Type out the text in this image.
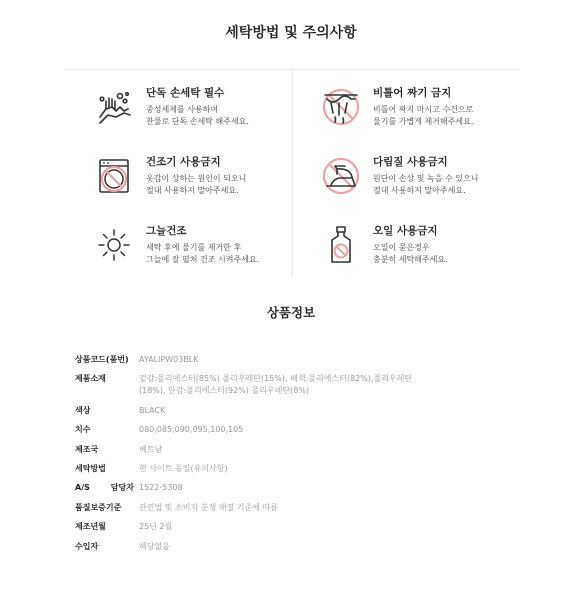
세탁방법 및 주의사항
단독 손세탁 필수
중성세제를 사용하여
찬물로 단독 손세탁 해주세요.
비틀어 짜기 금지
비틀어 짜지 마시고 수건으로
물기를 가볍게 제거해주세요.
건조기 사용금지
옷감이 상하는 원인이 되오니
절대 사용하지 말아주세요.
다림질 사용금지
원단이 손상 및 녹을 수 있으니
절대 사용하지 말아주세요.
그늘건조
세탁 후에 물기를 제거한 후
그늘에 잘 펼쳐 건조 시켜주세요.
오일 사용금지
오일이 묻은경우
충분히 세탁해주세요.
상품정보
상품코드(품번)	AYALIPW03BLK
제품소재	겉감:폴리에스터(85%) 폴리우레탄(15%), 배색:폴리에스터(82%),폴리우레탄
(18%), 안감:폴리에스터(92%) 폴리우레탄(8%)
색상	BLACK
치수	080,085,090,095,100,105
제조국	베트남
세탁방법	현 사이트 동일(유의사항)
A/S 담당자 1522-5308
품질보증기준	관련법 및 소비자 분쟁 해결 기준에 따름
제조년월	25년 2월
수입자	해당없음
